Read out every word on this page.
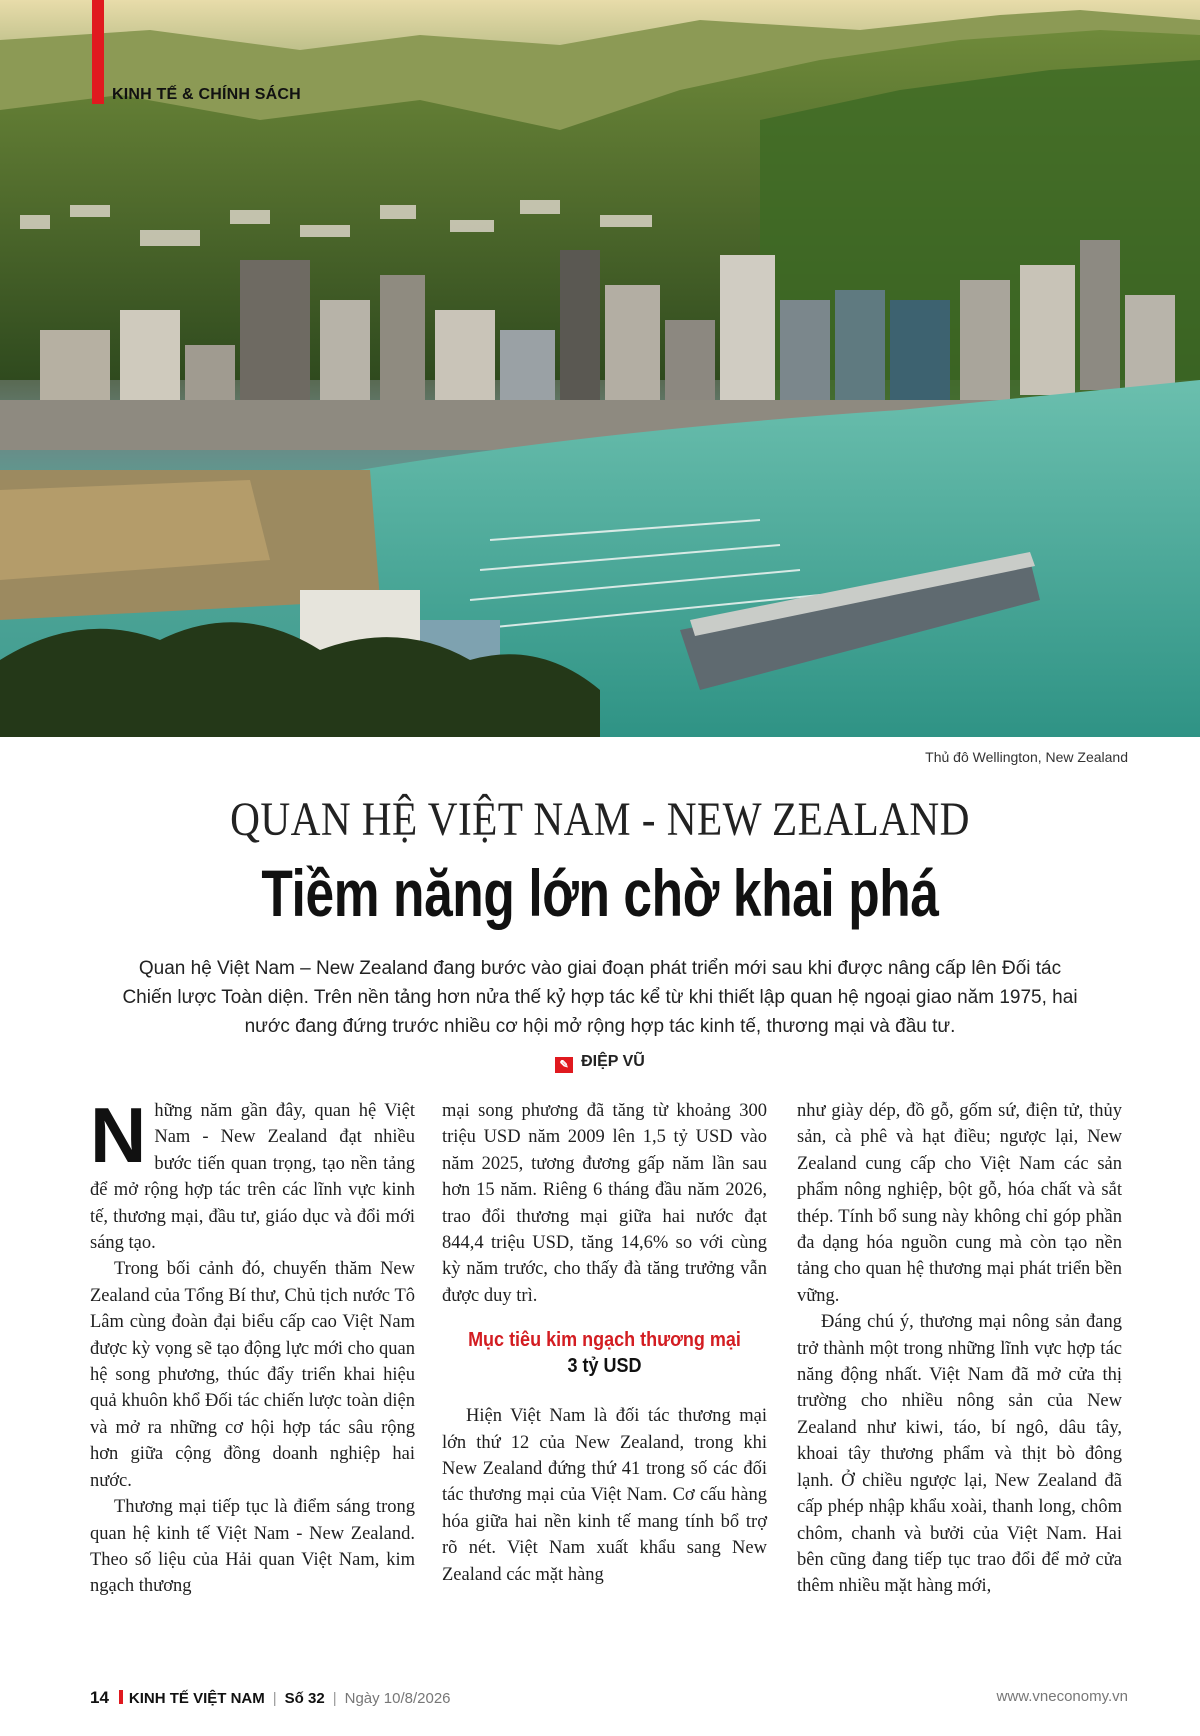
KINH TẾ & CHÍNH SÁCH
Thủ đô Wellington, New Zealand
QUAN HỆ VIỆT NAM - NEW ZEALAND
Tiềm năng lớn chờ khai phá
Quan hệ Việt Nam – New Zealand đang bước vào giai đoạn phát triển mới sau khi được nâng cấp lên Đối tác Chiến lược Toàn diện. Trên nền tảng hơn nửa thế kỷ hợp tác kể từ khi thiết lập quan hệ ngoại giao năm 1975, hai nước đang đứng trước nhiều cơ hội mở rộng hợp tác kinh tế, thương mại và đầu tư.
✎ ĐIỆP VŨ

Những năm gần đây, quan hệ Việt Nam - New Zealand đạt nhiều bước tiến quan trọng, tạo nền tảng để mở rộng hợp tác trên các lĩnh vực kinh tế, thương mại, đầu tư, giáo dục và đổi mới sáng tạo.

Trong bối cảnh đó, chuyến thăm New Zealand của Tổng Bí thư, Chủ tịch nước Tô Lâm cùng đoàn đại biểu cấp cao Việt Nam được kỳ vọng sẽ tạo động lực mới cho quan hệ song phương, thúc đẩy triển khai hiệu quả khuôn khổ Đối tác chiến lược toàn diện và mở ra những cơ hội hợp tác sâu rộng hơn giữa cộng đồng doanh nghiệp hai nước.

Thương mại tiếp tục là điểm sáng trong quan hệ kinh tế Việt Nam - New Zealand. Theo số liệu của Hải quan Việt Nam, kim ngạch thương

mại song phương đã tăng từ khoảng 300 triệu USD năm 2009 lên 1,5 tỷ USD vào năm 2025, tương đương gấp năm lần sau hơn 15 năm. Riêng 6 tháng đầu năm 2026, trao đổi thương mại giữa hai nước đạt 844,4 triệu USD, tăng 14,6% so với cùng kỳ năm trước, cho thấy đà tăng trưởng vẫn được duy trì.

Mục tiêu kim ngạch thương mại
3 tỷ USD

Hiện Việt Nam là đối tác thương mại lớn thứ 12 của New Zealand, trong khi New Zealand đứng thứ 41 trong số các đối tác thương mại của Việt Nam. Cơ cấu hàng hóa giữa hai nền kinh tế mang tính bổ trợ rõ nét. Việt Nam xuất khẩu sang New Zealand các mặt hàng

như giày dép, đồ gỗ, gốm sứ, điện tử, thủy sản, cà phê và hạt điều; ngược lại, New Zealand cung cấp cho Việt Nam các sản phẩm nông nghiệp, bột gỗ, hóa chất và sắt thép. Tính bổ sung này không chỉ góp phần đa dạng hóa nguồn cung mà còn tạo nền tảng cho quan hệ thương mại phát triển bền vững.

Đáng chú ý, thương mại nông sản đang trở thành một trong những lĩnh vực hợp tác năng động nhất. Việt Nam đã mở cửa thị trường cho nhiều nông sản của New Zealand như kiwi, táo, bí ngô, dâu tây, khoai tây thương phẩm và thịt bò đông lạnh. Ở chiều ngược lại, New Zealand đã cấp phép nhập khẩu xoài, thanh long, chôm chôm, chanh và bưởi của Việt Nam. Hai bên cũng đang tiếp tục trao đổi để mở cửa thêm nhiều mặt hàng mới,

14 KINH TẾ VIỆT NAM | Số 32 | Ngày 10/8/2026	www.vneconomy.vn
